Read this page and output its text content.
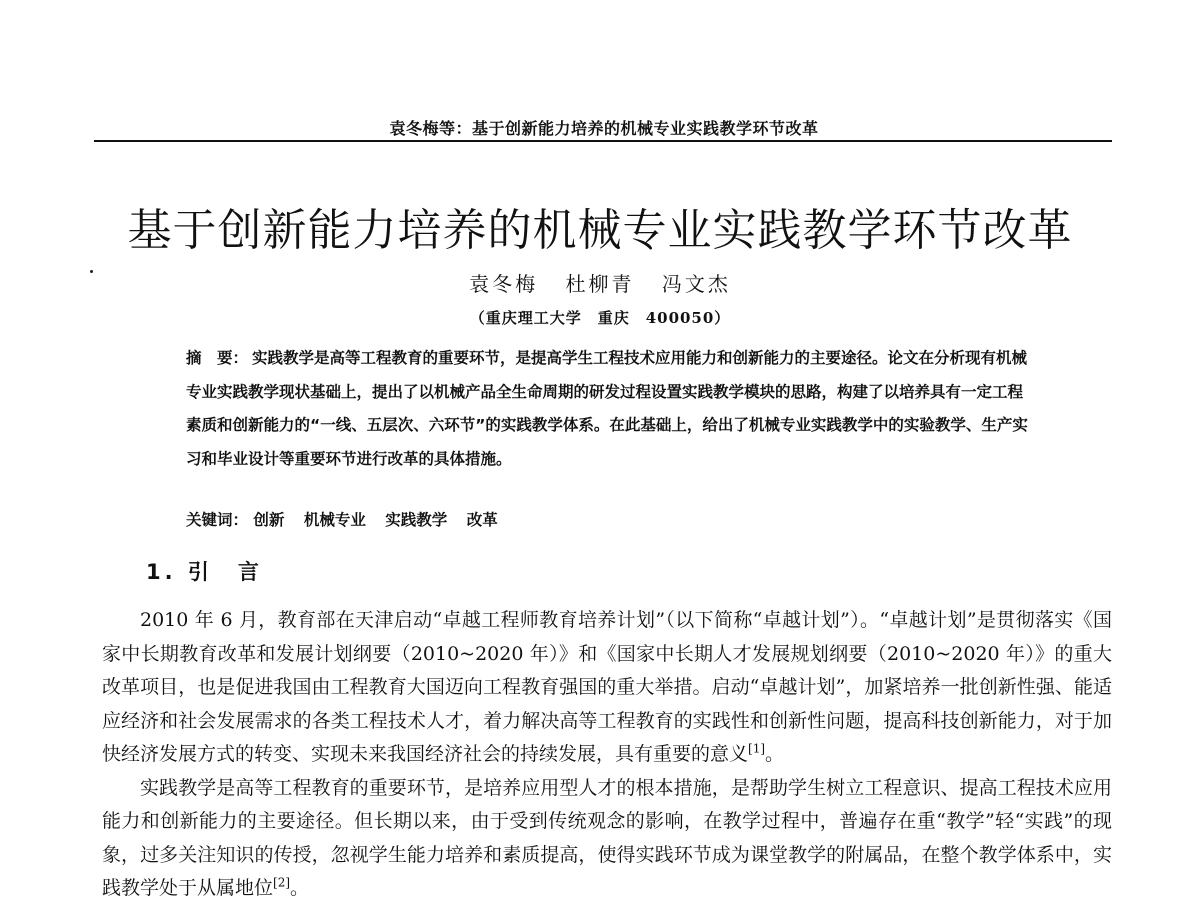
袁冬梅等：基于创新能力培养的机械专业实践教学环节改革
基于创新能力培养的机械专业实践教学环节改革
袁冬梅 杜柳青 冯文杰
（重庆理工大学　重庆　400050）
摘　要： 实践教学是高等工程教育的重要环节，是提高学生工程技术应用能力和创新能力的主要途径。论文在分析现有机械专业实践教学现状基础上，提出了以机械产品全生命周期的研发过程设置实践教学模块的思路，构建了以培养具有一定工程素质和创新能力的“一线、五层次、六环节”的实践教学体系。在此基础上，给出了机械专业实践教学中的实验教学、生产实习和毕业设计等重要环节进行改革的具体措施。
关键词： 创新 机械专业 实践教学 改革
1. 引　言

2010 年 6 月，教育部在天津启动“卓越工程师教育培养计划”（以下简称“卓越计划”）。“卓越计划”是贯彻落实《国家中长期教育改革和发展计划纲要（2010~2020 年）》和《国家中长期人才发展规划纲要（2010~2020 年）》的重大改革项目，也是促进我国由工程教育大国迈向工程教育强国的重大举措。启动“卓越计划”，加紧培养一批创新性强、能适应经济和社会发展需求的各类工程技术人才，着力解决高等工程教育的实践性和创新性问题，提高科技创新能力，对于加快经济发展方式的转变、实现未来我国经济社会的持续发展，具有重要的意义[1]。

实践教学是高等工程教育的重要环节，是培养应用型人才的根本措施，是帮助学生树立工程意识、提高工程技术应用能力和创新能力的主要途径。但长期以来，由于受到传统观念的影响，在教学过程中，普遍存在重“教学”轻“实践”的现象，过多关注知识的传授，忽视学生能力培养和素质提高，使得实践环节成为课堂教学的附属品，在整个教学体系中，实践教学处于从属地位[2]。
